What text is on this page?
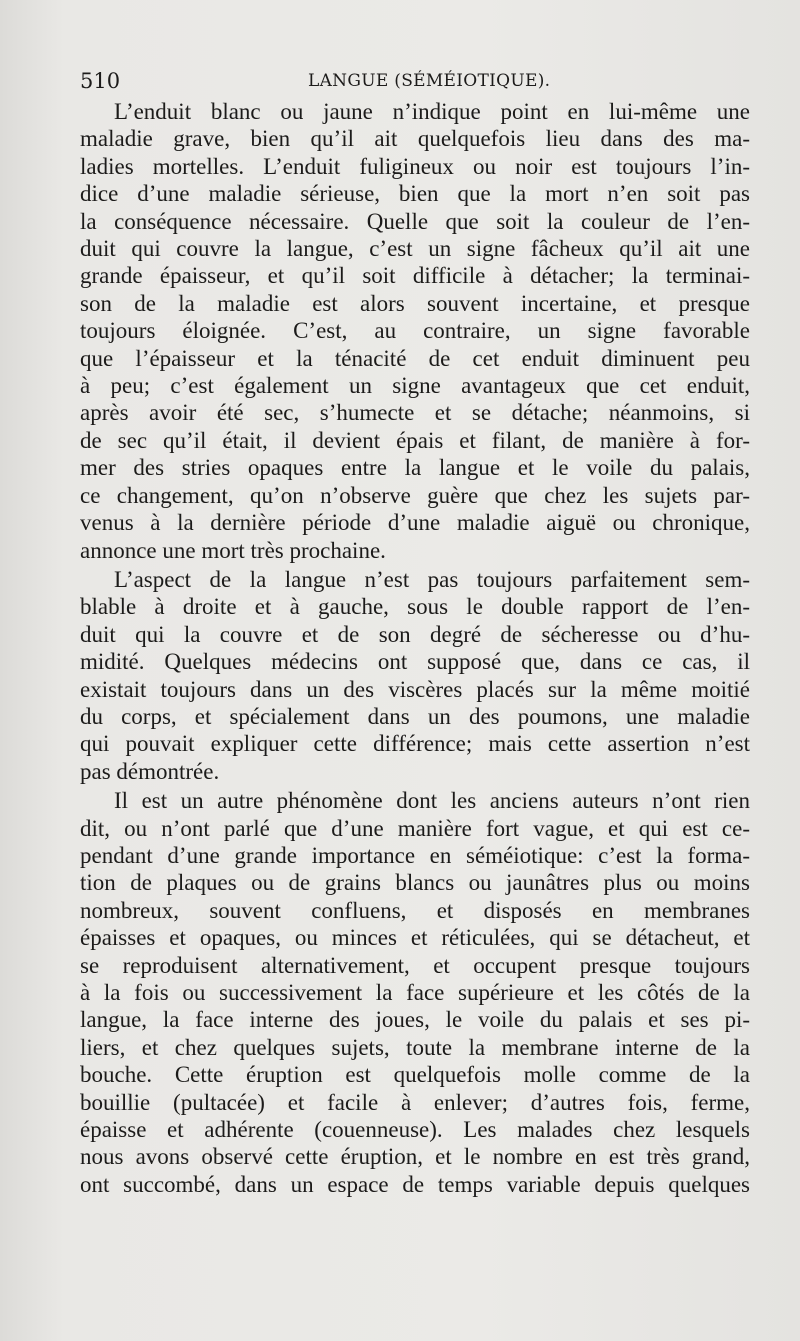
510	LANGUE (SÉMÉIOTIQUE).

L’enduit blanc ou jaune n’indique point en lui-même une
maladie grave, bien qu’il ait quelquefois lieu dans des ma-
ladies mortelles. L’enduit fuligineux ou noir est toujours l’in-
dice d’une maladie sérieuse, bien que la mort n’en soit pas
la conséquence nécessaire. Quelle que soit la couleur de l’en-
duit qui couvre la langue, c’est un signe fâcheux qu’il ait une
grande épaisseur, et qu’il soit difficile à détacher; la terminai-
son de la maladie est alors souvent incertaine, et presque
toujours éloignée. C’est, au contraire, un signe favorable
que l’épaisseur et la ténacité de cet enduit diminuent peu
à peu; c’est également un signe avantageux que cet enduit,
après avoir été sec, s’humecte et se détache; néanmoins, si
de sec qu’il était, il devient épais et filant, de manière à for-
mer des stries opaques entre la langue et le voile du palais,
ce changement, qu’on n’observe guère que chez les sujets par-
venus à la dernière période d’une maladie aiguë ou chronique,
annonce une mort très prochaine.

L’aspect de la langue n’est pas toujours parfaitement sem-
blable à droite et à gauche, sous le double rapport de l’en-
duit qui la couvre et de son degré de sécheresse ou d’hu-
midité. Quelques médecins ont supposé que, dans ce cas, il
existait toujours dans un des viscères placés sur la même moitié
du corps, et spécialement dans un des poumons, une maladie
qui pouvait expliquer cette différence; mais cette assertion n’est
pas démontrée.

Il est un autre phénomène dont les anciens auteurs n’ont rien
dit, ou n’ont parlé que d’une manière fort vague, et qui est ce-
pendant d’une grande importance en séméiotique: c’est la forma-
tion de plaques ou de grains blancs ou jaunâtres plus ou moins
nombreux, souvent confluens, et disposés en membranes
épaisses et opaques, ou minces et réticulées, qui se détacheut, et
se reproduisent alternativement, et occupent presque toujours
à la fois ou successivement la face supérieure et les côtés de la
langue, la face interne des joues, le voile du palais et ses pi-
liers, et chez quelques sujets, toute la membrane interne de la
bouche. Cette éruption est quelquefois molle comme de la
bouillie (pultacée) et facile à enlever; d’autres fois, ferme,
épaisse et adhérente (couenneuse). Les malades chez lesquels
nous avons observé cette éruption, et le nombre en est très grand,
ont succombé, dans un espace de temps variable depuis quelques
